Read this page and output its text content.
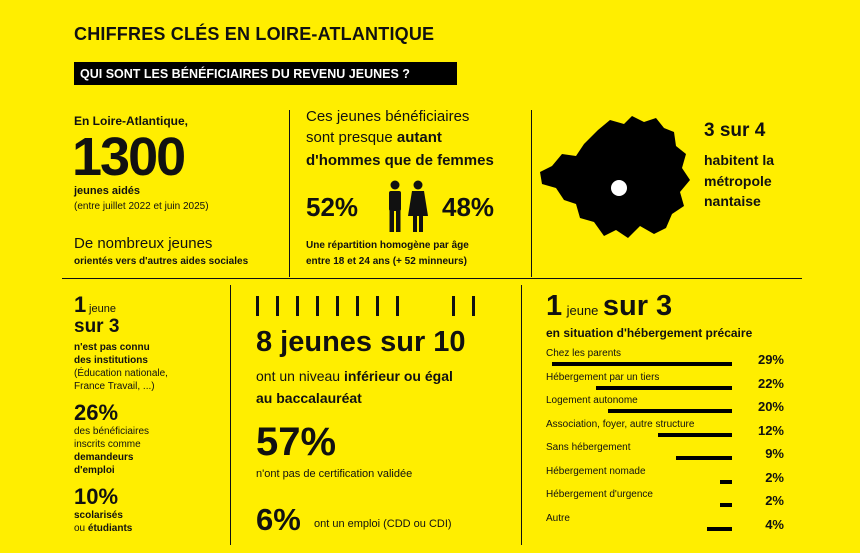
CHIFFRES CLÉS EN LOIRE-ATLANTIQUE
QUI SONT LES BÉNÉFICIAIRES DU REVENU JEUNES ?
En Loire-Atlantique,
1300
jeunes aidés
(entre juillet 2022 et juin 2025)
De nombreux jeunes
orientés vers d'autres aides sociales
Ces jeunes bénéficiaires
sont presque autant
d'hommes que de femmes
52%	48%
Une répartition homogène par âge
entre 18 et 24 ans (+ 52 minneurs)
3 sur 4
habitent la
métropole
nantaise
1 jeune
sur 3
n'est pas connu
des institutions
(Éducation nationale,
France Travail, ...)
26%
des bénéficiaires
inscrits comme
demandeurs
d'emploi
10%
scolarisés
ou étudiants
8 jeunes sur 10
ont un niveau inférieur ou égal
au baccalauréat
57%
n'ont pas de certification validée
6% ont un emploi (CDD ou CDI)
1 jeune sur 3
en situation d'hébergement précaire
Chez les parents	29%
Hébergement par un tiers	22%
Logement autonome	20%
Association, foyer, autre structure	12%
Sans hébergement	9%
Hébergement nomade	2%
Hébergement d'urgence	2%
Autre	4%
